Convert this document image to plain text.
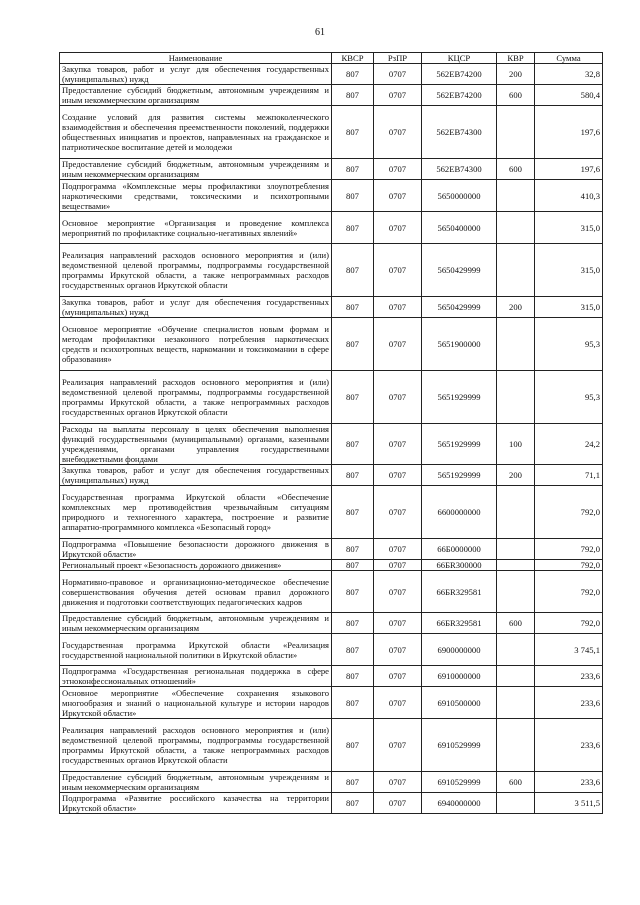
61
Наименование	КВСР	РзПР	КЦСР	КВР	Сумма
Закупка товаров, работ и услуг для обеспечения государственных (муниципальных) нужд	807	0707	562EB74200	200	32,8
Предоставление субсидий бюджетным, автономным учреждениям и иным некоммерческим организациям	807	0707	562EB74200	600	580,4
Создание условий для развития системы межпоколенческого взаимодействия и обеспечения преемственности поколений, поддержки общественных инициатив и проектов, направленных на гражданское и патриотическое воспитание детей и молодежи	807	0707	562EB74300		197,6
Предоставление субсидий бюджетным, автономным учреждениям и иным некоммерческим организациям	807	0707	562EB74300	600	197,6
Подпрограмма «Комплексные меры профилактики злоупотребления наркотическими средствами, токсическими и психотропными веществами»	807	0707	5650000000		410,3
Основное мероприятие «Организация и проведение комплекса мероприятий по профилактике социально-негативных явлений»	807	0707	5650400000		315,0
Реализация направлений расходов основного мероприятия и (или) ведомственной целевой программы, подпрограммы государственной программы Иркутской области, а также непрограммных расходов государственных органов Иркутской области	807	0707	5650429999		315,0
Закупка товаров, работ и услуг для обеспечения государственных (муниципальных) нужд	807	0707	5650429999	200	315,0
Основное мероприятие «Обучение специалистов новым формам и методам профилактики незаконного потребления наркотических средств и психотропных веществ, наркомании и токсикомании в сфере образования»	807	0707	5651900000		95,3
Реализация направлений расходов основного мероприятия и (или) ведомственной целевой программы, подпрограммы государственной программы Иркутской области, а также непрограммных расходов государственных органов Иркутской области	807	0707	5651929999		95,3
Расходы на выплаты персоналу в целях обеспечения выполнения функций государственными (муниципальными) органами, казенными учреждениями, органами управления государственными внебюджетными фондами	807	0707	5651929999	100	24,2
Закупка товаров, работ и услуг для обеспечения государственных (муниципальных) нужд	807	0707	5651929999	200	71,1
Государственная программа Иркутской области «Обеспечение комплексных мер противодействия чрезвычайным ситуациям природного и техногенного характера, построение и развитие аппаратно-программного комплекса «Безопасный город»	807	0707	6600000000		792,0
Подпрограмма «Повышение безопасности дорожного движения в Иркутской области»	807	0707	66Б0000000		792,0
Региональный проект «Безопасность дорожного движения»	807	0707	66БR300000		792,0
Нормативно-правовое и организационно-методическое обеспечение совершенствования обучения детей основам правил дорожного движения и подготовки соответствующих педагогических кадров	807	0707	66БR329581		792,0
Предоставление субсидий бюджетным, автономным учреждениям и иным некоммерческим организациям	807	0707	66БR329581	600	792,0
Государственная программа Иркутской области «Реализация государственной национальной политики в Иркутской области»	807	0707	6900000000		3 745,1
Подпрограмма «Государственная региональная поддержка в сфере этноконфессиональных отношений»	807	0707	6910000000		233,6
Основное мероприятие «Обеспечение сохранения языкового многообразия и знаний о национальной культуре и истории народов Иркутской области»	807	0707	6910500000		233,6
Реализация направлений расходов основного мероприятия и (или) ведомственной целевой программы, подпрограммы государственной программы Иркутской области, а также непрограммных расходов государственных органов Иркутской области	807	0707	6910529999		233,6
Предоставление субсидий бюджетным, автономным учреждениям и иным некоммерческим организациям	807	0707	6910529999	600	233,6
Подпрограмма «Развитие российского казачества на территории Иркутской области»	807	0707	6940000000		3 511,5
